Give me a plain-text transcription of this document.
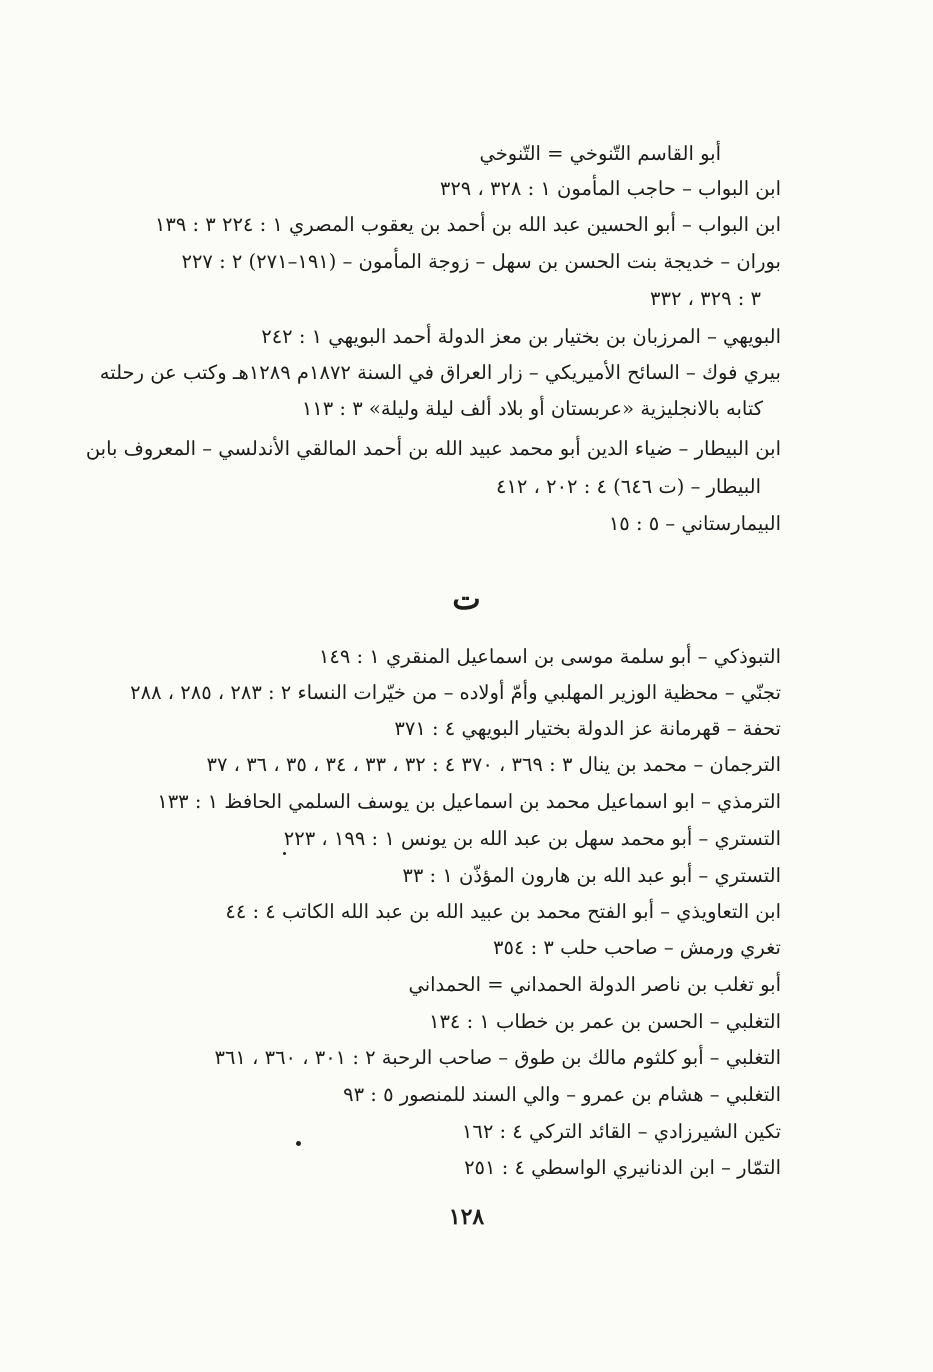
أبو القاسم التّنوخي = التّنوخي
ابن البواب – حاجب المأمون ١ : ٣٢٨ ، ٣٢٩
ابن البواب – أبو الحسين عبد الله بن أحمد بن يعقوب المصري ١ : ٢٢٤ ٣ : ١٣٩
بوران – خديجة بنت الحسن بن سهل – زوجة المأمون – (١٩١–٢٧١) ٢ : ٢٢٧
٣ : ٣٢٩ ، ٣٣٢
البويهي – المرزبان بن بختيار بن معز الدولة أحمد البويهي ١ : ٢٤٢
بيري فوك – السائح الأميريكي – زار العراق في السنة ١٨٧٢م ١٢٨٩هـ وكتب عن رحلته
كتابه بالانجليزية «عربستان أو بلاد ألف ليلة وليلة» ٣ : ١١٣
ابن البيطار – ضياء الدين أبو محمد عبيد الله بن أحمد المالقي الأندلسي – المعروف بابن
البيطار – (ت ٦٤٦) ٤ : ٢٠٢ ، ٤١٢
البيمارستاني – ٥ : ١٥
ت
التبوذكي – أبو سلمة موسى بن اسماعيل المنقري ١ : ١٤٩
تجنّي – محظية الوزير المهلبي وأمّ أولاده – من خيّرات النساء ٢ : ٢٨٣ ، ٢٨٥ ، ٢٨٨
تحفة – قهرمانة عز الدولة بختيار البويهي ٤ : ٣٧١
الترجمان – محمد بن ينال ٣ : ٣٦٩ ، ٣٧٠ ٤ : ٣٢ ، ٣٣ ، ٣٤ ، ٣٥ ، ٣٦ ، ٣٧
الترمذي – ابو اسماعيل محمد بن اسماعيل بن يوسف السلمي الحافظ ١ : ١٣٣
التستري – أبو محمد سهل بن عبد الله بن يونس ١ : ١٩٩ ، ٢٢٣
التستري – أبو عبد الله بن هارون المؤذّن ١ : ٣٣
ابن التعاويذي – أبو الفتح محمد بن عبيد الله بن عبد الله الكاتب ٤ : ٤٤
تغري ورمش – صاحب حلب ٣ : ٣٥٤
أبو تغلب بن ناصر الدولة الحمداني = الحمداني
التغلبي – الحسن بن عمر بن خطاب ١ : ١٣٤
التغلبي – أبو كلثوم مالك بن طوق – صاحب الرحبة ٢ : ٣٠١ ، ٣٦٠ ، ٣٦١
التغلبي – هشام بن عمرو – والي السند للمنصور ٥ : ٩٣
تكين الشيرزادي – القائد التركي ٤ : ١٦٢
التمّار – ابن الدنانيري الواسطي ٤ : ٢٥١
١٢٨
